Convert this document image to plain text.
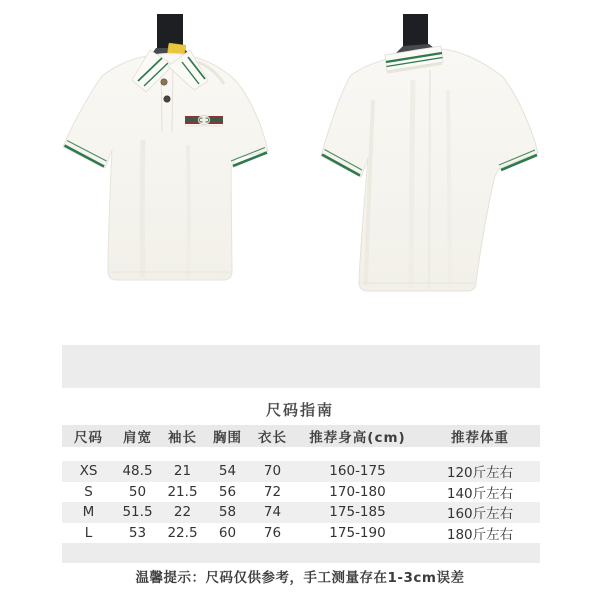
尺码指南
尺码	肩宽	袖长	胸围	衣长	推荐身高(cm)	推荐体重
XS	48.5	21	54	70	160-175	120斤左右
S	50	21.5	56	72	170-180	140斤左右
M	51.5	22	58	74	175-185	160斤左右
L	53	22.5	60	76	175-190	180斤左右

温馨提示：尺码仅供参考，手工测量存在1-3cm误差
